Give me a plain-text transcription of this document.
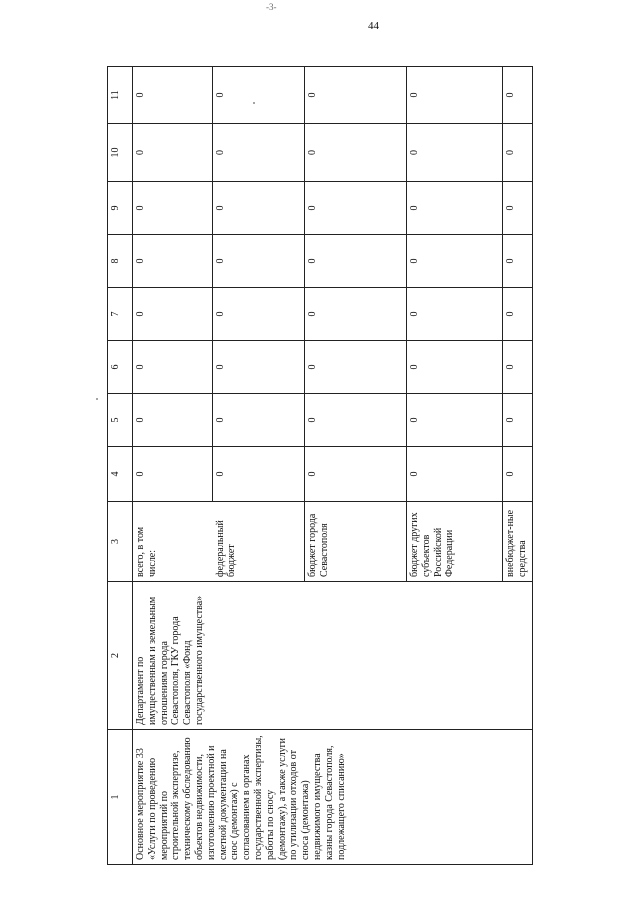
-3-
44
1	2	3	4	5	6	7	8	9	10	11
Основное мероприятие 33 «Услуги по проведению мероприятий по строительной экспертизе, техническому обследованию объектов недвижимости, изготовлению проектной и сметной документации на снос (демонтаж) с согласованием в органах государственной экспертизы, работы по сносу (демонтажу), а также услуги по утилизации отходов от сноса (демонтажа) недвижимого имущества казны города Севастополя, подлежащего списанию»	Департамент по имущественным и земельным отношениям города Севастополя, ГКУ города Севастополя «Фонд государственного имущества»	всего, в том числе:	0	0	0	0	0	0	0	0
		федеральный бюджет	0	0	0	0	0	0	0	0
		бюджет города Севастополя	0	0	0	0	0	0	0	0
		бюджет других субъектов Российской Федерации	0	0	0	0	0	0	0	0
		внебюджет-ные средства	0	0	0	0	0	0	0	0
